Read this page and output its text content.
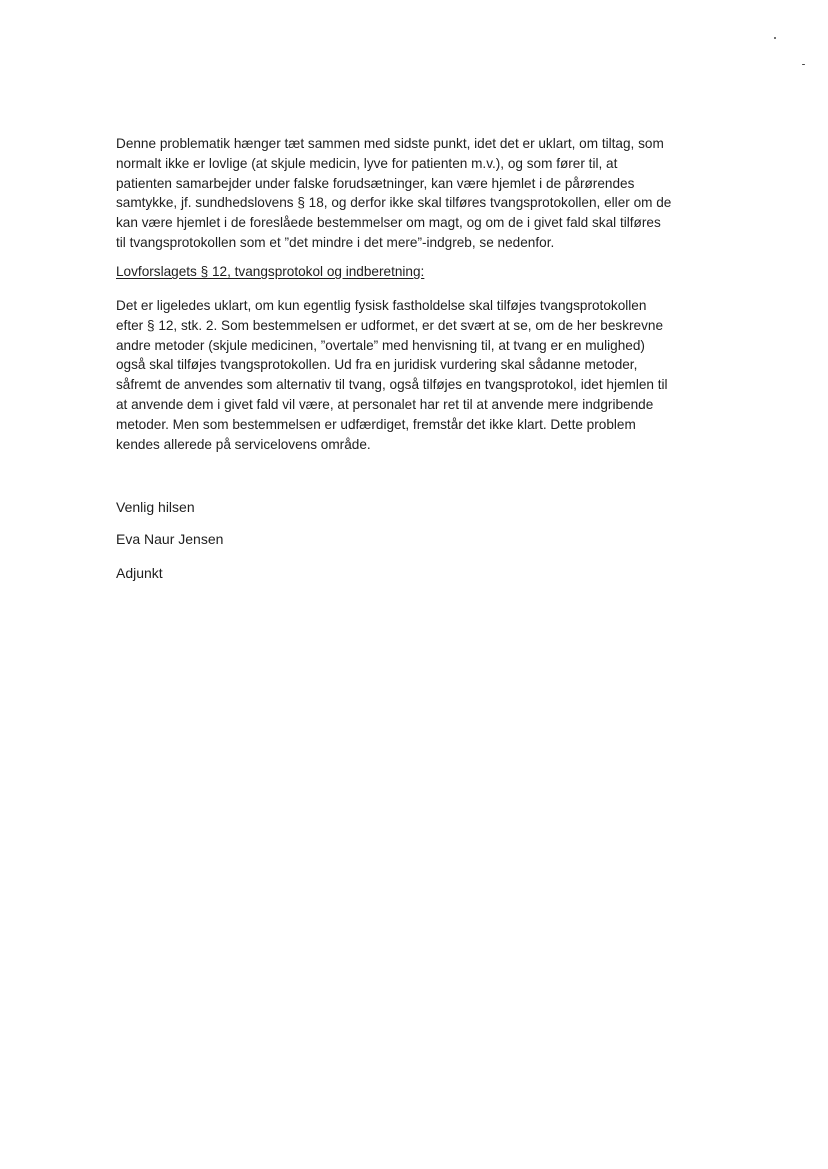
Denne problematik hænger tæt sammen med sidste punkt, idet det er uklart, om tiltag, som
normalt ikke er lovlige (at skjule medicin, lyve for patienten m.v.), og som fører til, at
patienten samarbejder under falske forudsætninger, kan være hjemlet i de pårørendes
samtykke, jf. sundhedslovens § 18, og derfor ikke skal tilføres tvangsprotokollen, eller om de
kan være hjemlet i de foreslåede bestemmelser om magt, og om de i givet fald skal tilføres
til tvangsprotokollen som et ”det mindre i det mere”-indgreb, se nedenfor.

Lovforslagets § 12, tvangsprotokol og indberetning:

Det er ligeledes uklart, om kun egentlig fysisk fastholdelse skal tilføjes tvangsprotokollen
efter § 12, stk. 2. Som bestemmelsen er udformet, er det svært at se, om de her beskrevne
andre metoder (skjule medicinen, ”overtale” med henvisning til, at tvang er en mulighed)
også skal tilføjes tvangsprotokollen. Ud fra en juridisk vurdering skal sådanne metoder,
såfremt de anvendes som alternativ til tvang, også tilføjes en tvangsprotokol, idet hjemlen til
at anvende dem i givet fald vil være, at personalet har ret til at anvende mere indgribende
metoder. Men som bestemmelsen er udfærdiget, fremstår det ikke klart. Dette problem
kendes allerede på servicelovens område.

Venlig hilsen

Eva Naur Jensen

Adjunkt
